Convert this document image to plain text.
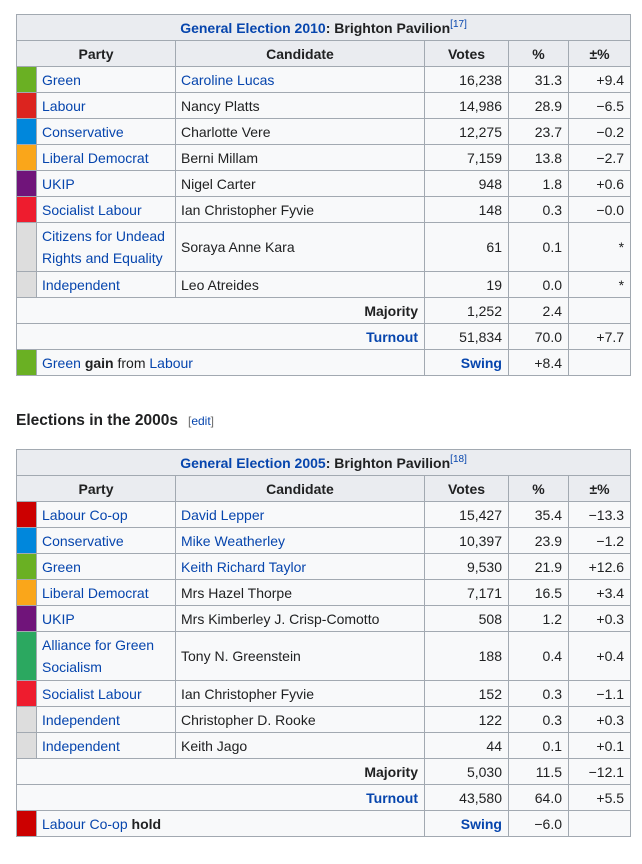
General Election 2010: Brighton Pavilion[17]
Party		Candidate	Votes	%	±%
	Green	Caroline Lucas	16,238	31.3	+9.4
	Labour	Nancy Platts	14,986	28.9	−6.5
	Conservative	Charlotte Vere	12,275	23.7	−0.2
	Liberal Democrat	Berni Millam	7,159	13.8	−2.7
	UKIP	Nigel Carter	948	1.8	+0.6
	Socialist Labour	Ian Christopher Fyvie	148	0.3	−0.0
	Citizens for Undead Rights and Equality	Soraya Anne Kara	61	0.1	*
	Independent	Leo Atreides	19	0.0	*
Majority			1,252	2.4	
Turnout			51,834	70.0	+7.7
	Green gain from Labour		Swing	+8.4	
Elections in the 2000s [edit]
General Election 2005: Brighton Pavilion[18]
Party		Candidate	Votes	%	±%
	Labour Co-op	David Lepper	15,427	35.4	−13.3
	Conservative	Mike Weatherley	10,397	23.9	−1.2
	Green	Keith Richard Taylor	9,530	21.9	+12.6
	Liberal Democrat	Mrs Hazel Thorpe	7,171	16.5	+3.4
	UKIP	Mrs Kimberley J. Crisp-Comotto	508	1.2	+0.3
	Alliance for Green Socialism	Tony N. Greenstein	188	0.4	+0.4
	Socialist Labour	Ian Christopher Fyvie	152	0.3	−1.1
	Independent	Christopher D. Rooke	122	0.3	+0.3
	Independent	Keith Jago	44	0.1	+0.1
Majority			5,030	11.5	−12.1
Turnout			43,580	64.0	+5.5
	Labour Co-op hold		Swing	−6.0	
